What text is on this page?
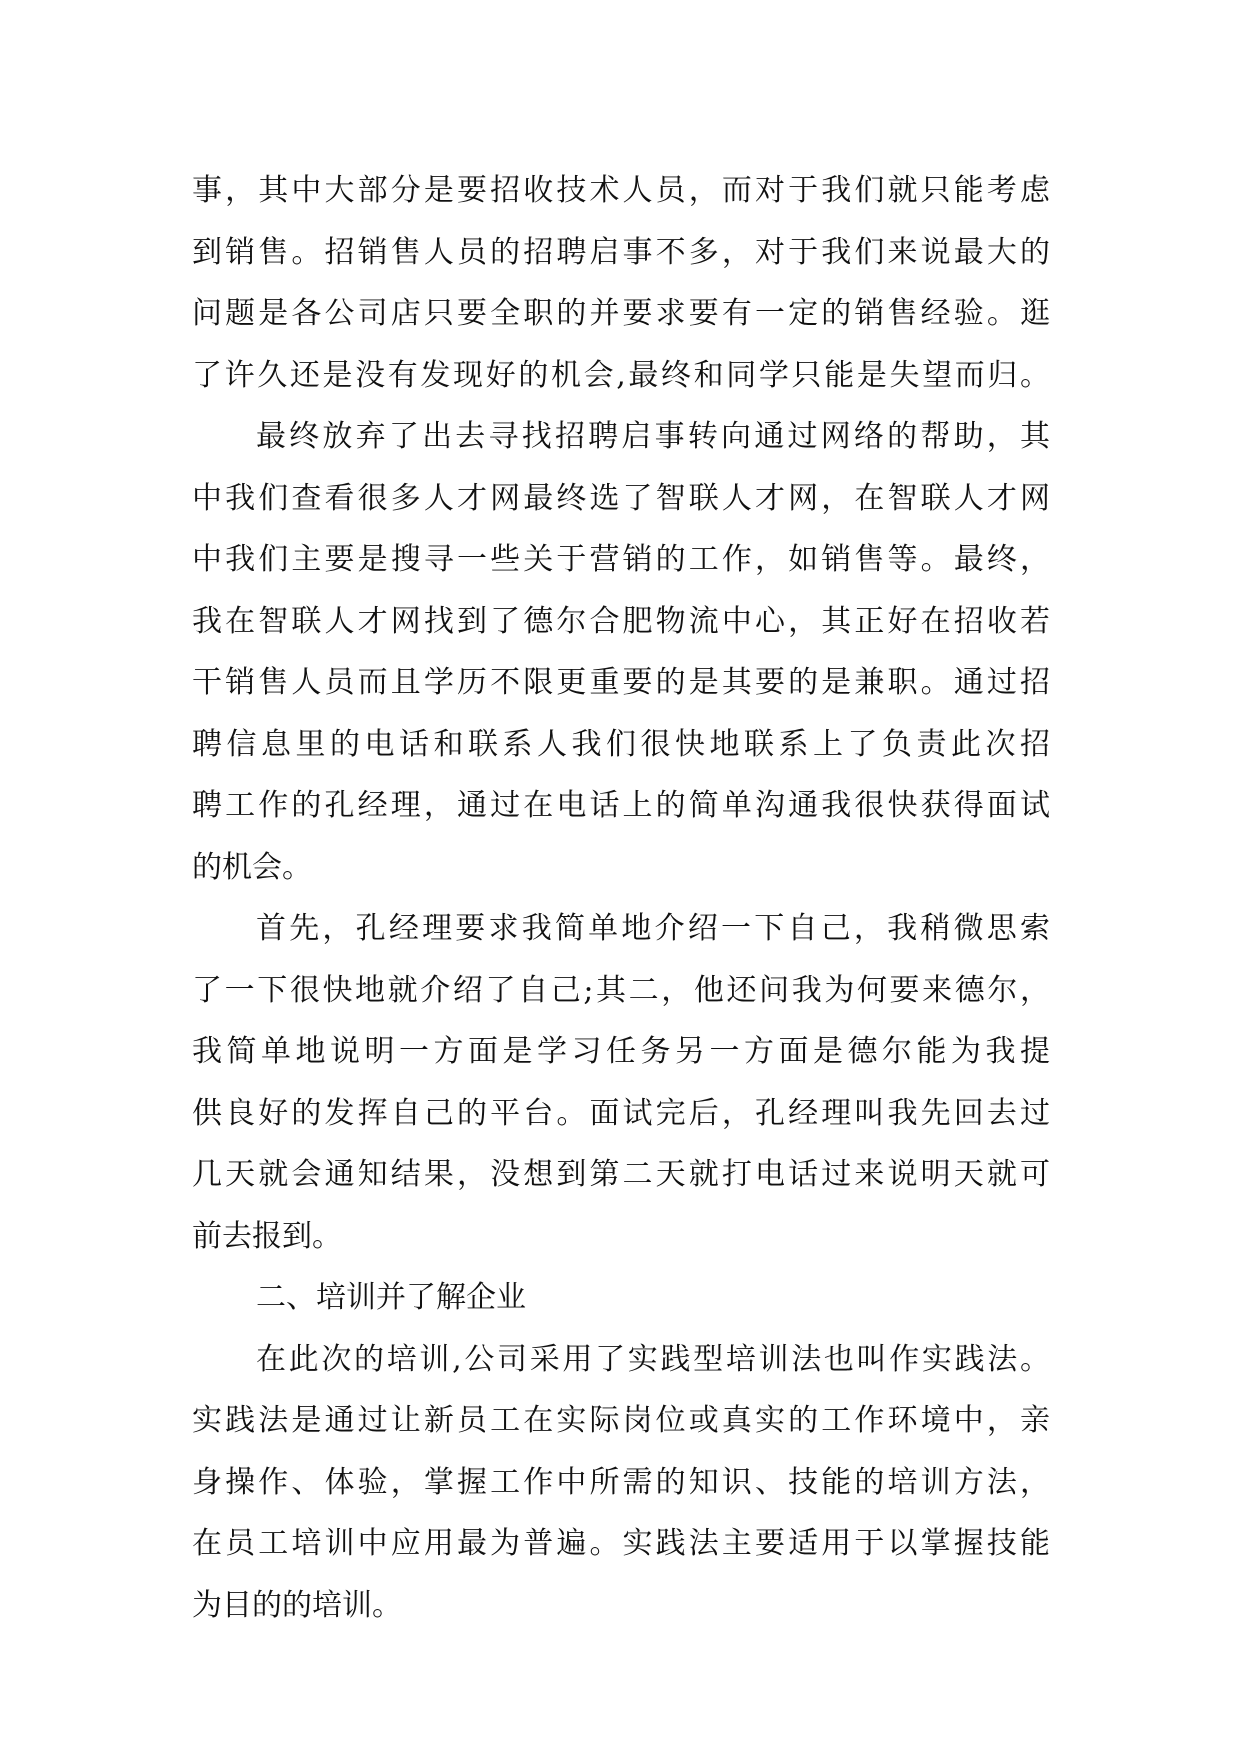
事，其中大部分是要招收技术人员，而对于我们就只能考虑
到销售。招销售人员的招聘启事不多，对于我们来说最大的
问题是各公司店只要全职的并要求要有一定的销售经验。逛
了许久还是没有发现好的机会,最终和同学只能是失望而归。
最终放弃了出去寻找招聘启事转向通过网络的帮助，其
中我们查看很多人才网最终选了智联人才网，在智联人才网
中我们主要是搜寻一些关于营销的工作，如销售等。最终，
我在智联人才网找到了德尔合肥物流中心，其正好在招收若
干销售人员而且学历不限更重要的是其要的是兼职。通过招
聘信息里的电话和联系人我们很快地联系上了负责此次招
聘工作的孔经理，通过在电话上的简单沟通我很快获得面试
的机会。
首先，孔经理要求我简单地介绍一下自己，我稍微思索
了一下很快地就介绍了自己;其二，他还问我为何要来德尔，
我简单地说明一方面是学习任务另一方面是德尔能为我提
供良好的发挥自己的平台。面试完后，孔经理叫我先回去过
几天就会通知结果，没想到第二天就打电话过来说明天就可
前去报到。
二、培训并了解企业
在此次的培训,公司采用了实践型培训法也叫作实践法。
实践法是通过让新员工在实际岗位或真实的工作环境中，亲
身操作、体验，掌握工作中所需的知识、技能的培训方法，
在员工培训中应用最为普遍。实践法主要适用于以掌握技能
为目的的培训。
